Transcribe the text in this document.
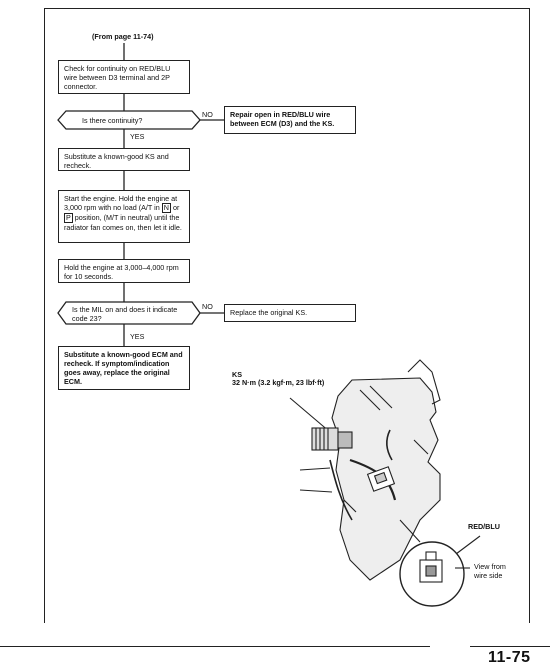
(From page 11-74)
Check for continuity on RED/BLU wire between D3 terminal and 2P connector.
Is there continuity?
NO
YES
Repair open in RED/BLU wire between ECM (D3) and the KS.
Substitute a known-good KS and recheck.
Start the engine. Hold the engine at 3,000 rpm with no load (A/T in N or P position, (M/T in neutral) until the radiator fan comes on, then let it idle.
Hold the engine at 3,000–4,000 rpm for 10 seconds.
Is the MIL on and does it indicate code 23?
NO
YES
Replace the original KS.
Substitute a known-good ECM and recheck. If symptom/indication goes away, replace the original ECM.
KS
32 N·m (3.2 kgf·m, 23 lbf·ft)
RED/BLU
View from
wire side
11-75
